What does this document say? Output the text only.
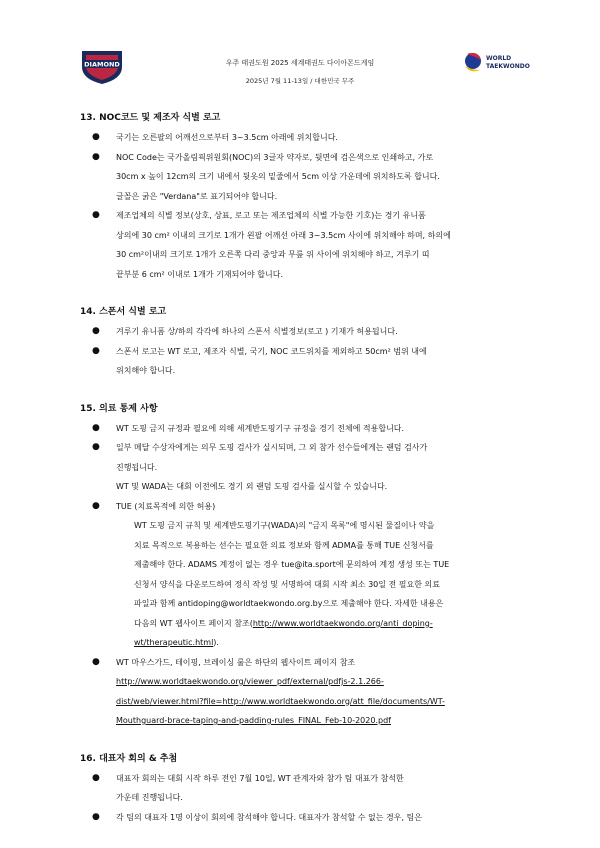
DIAMOND	우주 태권도원 2025 세계태권도 다이아몬드게임
2025년 7월 11-13일 / 대한민국 무주
WORLD
TAEKWONDO
13. NOC코드 및 제조자 식별 로고
● 국기는 오른팔의 어깨선으로부터 3~3.5cm 아래에 위치합니다.
● NOC Code는 국가올림픽위원회(NOC)의 3글자 약자로, 뒷면에 검은색으로 인쇄하고, 가로
30cm x 높이 12cm의 크기 내에서 뒷옷의 밑줄에서 5cm 이상 가운데에 위치하도록 합니다.
글꼴은 굵은 "Verdana"로 표기되어야 합니다.
● 제조업체의 식별 정보(상호, 상표, 로고 또는 제조업체의 식별 가능한 기호)는 경기 유니폼
상의에 30 cm² 이내의 크기로 1개가 왼팔 어깨선 아래 3~3.5cm 사이에 위치해야 하며, 하의에
30 cm²이내의 크기로 1개가 오른쪽 다리 중앙과 무릎 위 사이에 위치해야 하고, 겨루기 띠
끝부분 6 cm² 이내로 1개가 기재되어야 합니다.
14. 스폰서 식별 로고
● 겨루기 유니폼 상/하의 각각에 하나의 스폰서 식별정보(로고 ) 기재가 허용됩니다.
● 스폰서 로고는 WT 로고, 제조자 식별, 국기, NOC 코드위치를 제외하고 50cm² 범위 내에
위치해야 합니다.
15. 의료 통제 사항
● WT 도핑 금지 규정과 필요에 의해 세계반도핑기구 규정을 경기 전체에 적용합니다.
● 일부 메달 수상자에게는 의무 도핑 검사가 실시되며, 그 외 참가 선수들에게는 랜덤 검사가
진행됩니다.
WT 및 WADA는 대회 이전에도 경기 외 랜덤 도핑 검사를 실시할 수 있습니다.
● TUE (치료목적에 의한 허용)
WT 도핑 금지 규칙 및 세계반도핑기구(WADA)의 "금지 목록"에 명시된 물질이나 약을
치료 목적으로 복용하는 선수는 필요한 의료 정보와 함께 ADMA를 통해 TUE 신청서를
제출해야 한다. ADAMS 계정이 없는 경우 tue@ita.sport에 문의하여 계정 생성 또는 TUE
신청서 양식을 다운로드하여 정식 작성 및 서명하여 대회 시작 최소 30일 전 필요한 의료
파일과 함께 antidoping@worldtaekwondo.org.by으로 제출해야 한다. 자세한 내용은
다음의 WT 웹사이트 페이지 참조(http://www.worldtaekwondo.org/anti_doping-
wt/therapeutic.html).
● WT 마우스가드, 테이핑, 브레이싱 룰은 하단의 웹사이트 페이지 참조
http://www.worldtaekwondo.org/viewer_pdf/external/pdfjs-2.1.266-
dist/web/viewer.html?file=http://www.worldtaekwondo.org/att_file/documents/WT-
Mouthguard-brace-taping-and-padding-rules_FINAL_Feb-10-2020.pdf
16. 대표자 회의 & 추첨
● 대표자 회의는 대회 시작 하루 전인 7월 10일, WT 관계자와 참가 팀 대표가 참석한
가운데 진행됩니다.
● 각 팀의 대표자 1명 이상이 회의에 참석해야 합니다. 대표자가 참석할 수 없는 경우, 팀은
